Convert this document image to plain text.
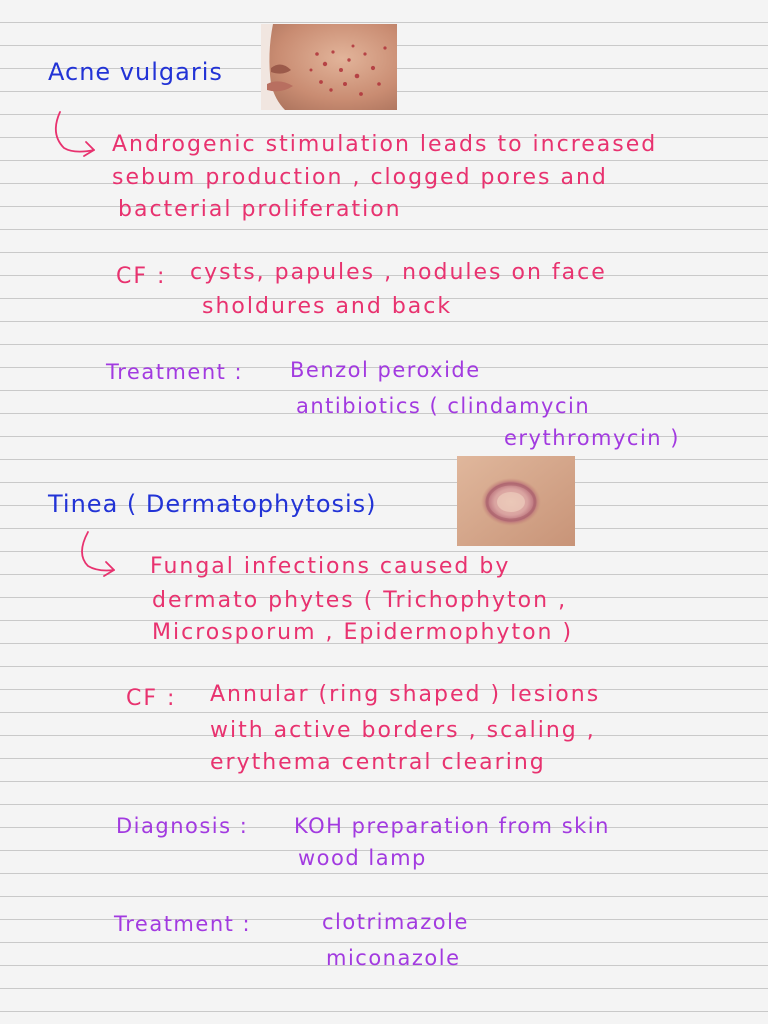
Acne vulgaris

Androgenic stimulation leads to increased

sebum production , clogged pores and

bacterial proliferation

CF : cysts, papules , nodules on face

sholdures and back

Treatment : Benzol peroxide

antibiotics ( clindamycin

erythromycin )

Tinea ( Dermatophytosis)

Fungal infections caused by

dermato phytes ( Trichophyton ,

Microsporum , Epidermophyton )

CF : Annular (ring shaped ) lesions

with active borders , scaling ,

erythema central clearing

Diagnosis : KOH preparation from skin

wood lamp

Treatment :	clotrimazole

miconazole
